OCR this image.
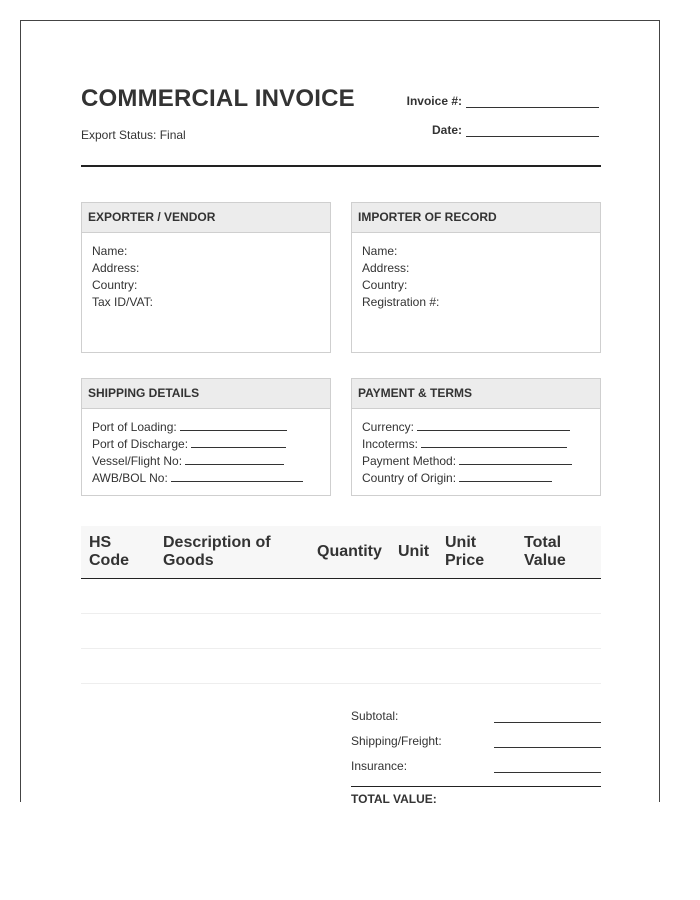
COMMERCIAL INVOICE
Export Status: Final
Invoice #:
Date:
EXPORTER / VENDOR
Name:
Address:
Country:
Tax ID/VAT:
IMPORTER OF RECORD
Name:
Address:
Country:
Registration #:
SHIPPING DETAILS
Port of Loading:
Port of Discharge:
Vessel/Flight No:
AWB/BOL No:
PAYMENT & TERMS
Currency:
Incoterms:
Payment Method:
Country of Origin:
HS Code
Description of Goods
Quantity Unit
Unit Price
Total Value
Subtotal:
Shipping/Freight:
Insurance:
TOTAL VALUE:
